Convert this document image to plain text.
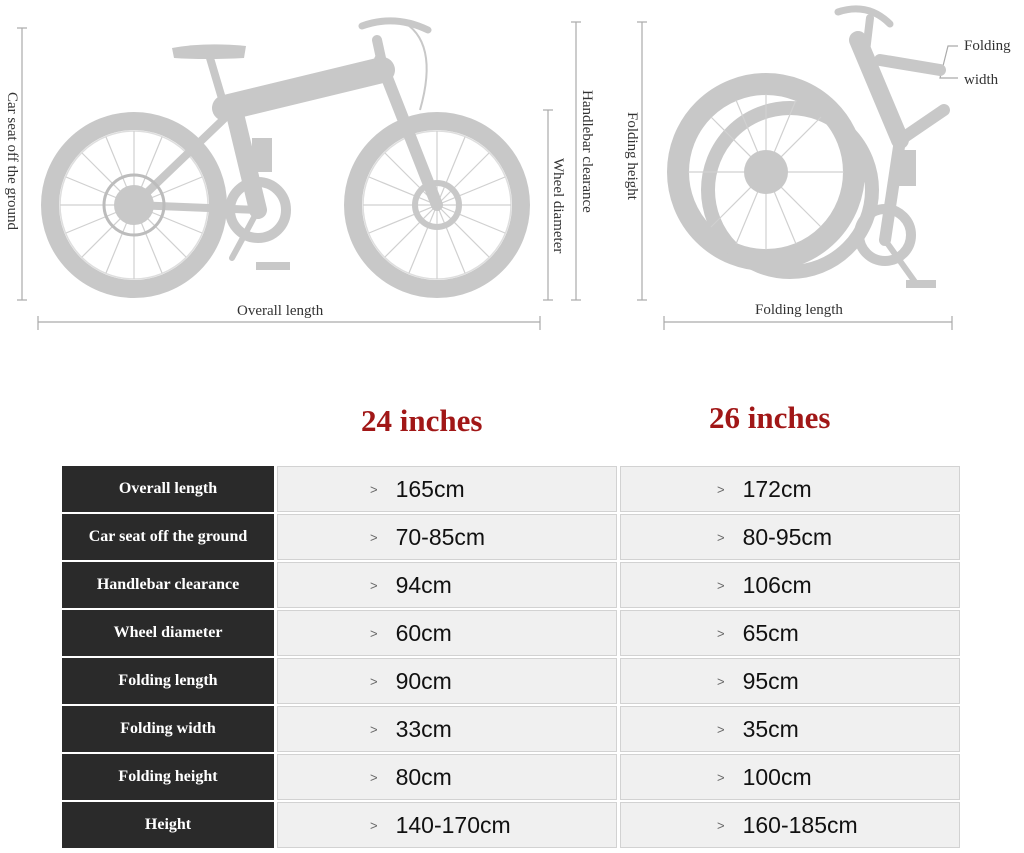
Car seat off the ground
Overall length
Wheel diameter Handlebar clearance Folding height
Folding length
Folding
width
24 inches	26 inches
Overall length	> 165cm	> 172cm
Car seat off the ground	> 70-85cm	> 80-95cm
Handlebar clearance	> 94cm	> 106cm
Wheel diameter	> 60cm	> 65cm
Folding length	> 90cm	> 95cm
Folding width	> 33cm	> 35cm
Folding height	> 80cm	> 100cm
Height	> 140-170cm	> 160-185cm
